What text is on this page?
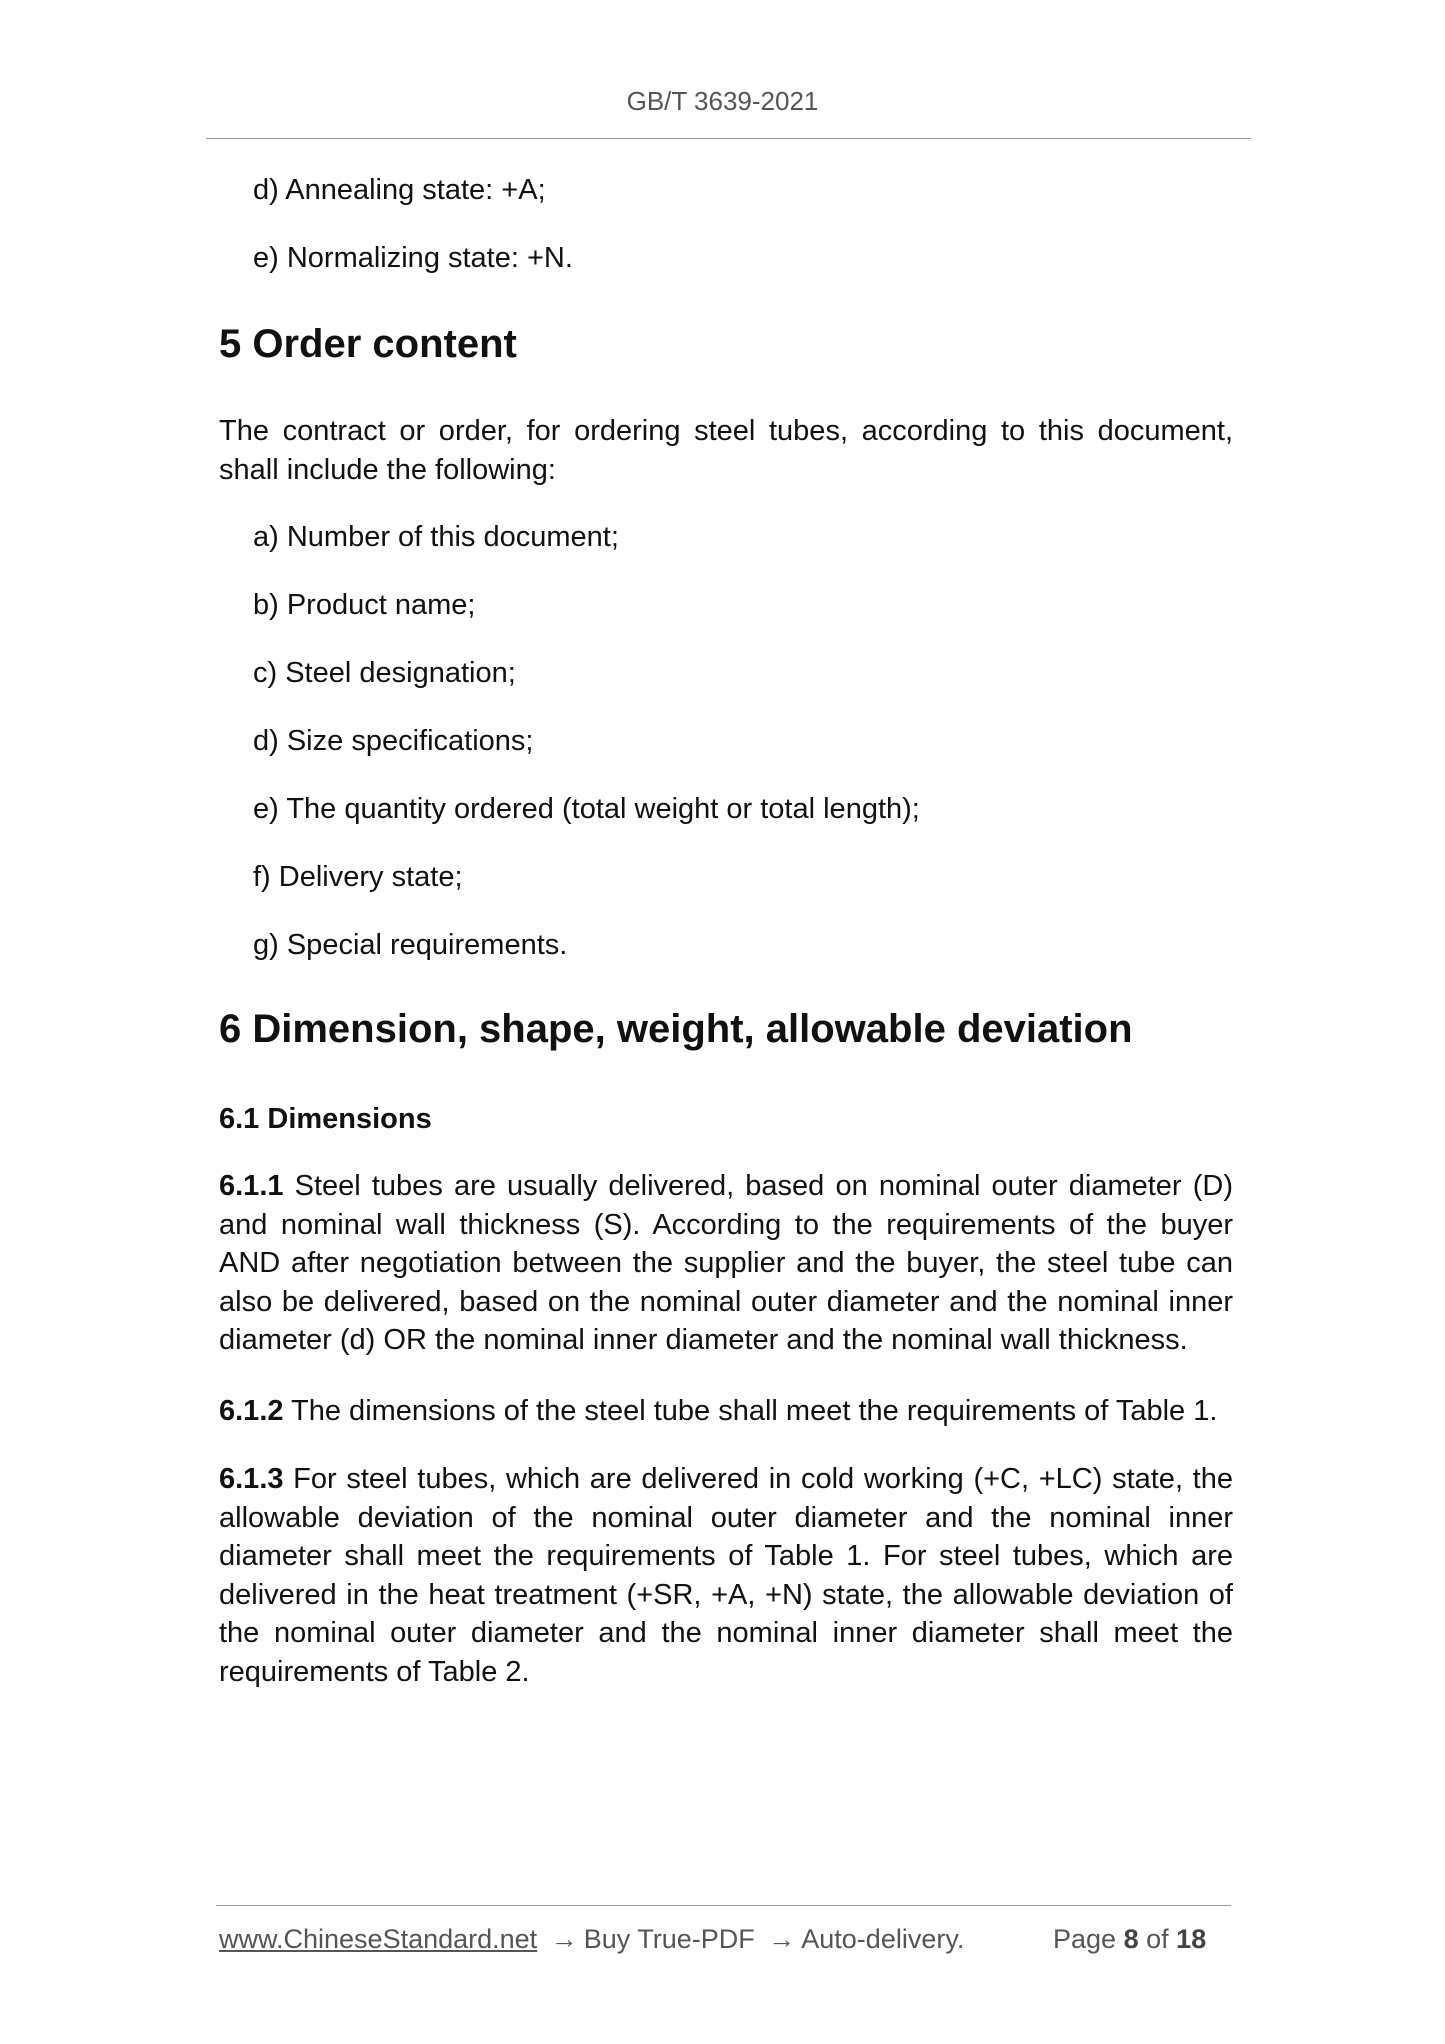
GB/T 3639-2021
d) Annealing state: +A;
e) Normalizing state: +N.
5 Order content
The contract or order, for ordering steel tubes, according to this document, shall include the following:
a) Number of this document;
b) Product name;
c) Steel designation;
d) Size specifications;
e) The quantity ordered (total weight or total length);
f) Delivery state;
g) Special requirements.
6 Dimension, shape, weight, allowable deviation
6.1 Dimensions
6.1.1 Steel tubes are usually delivered, based on nominal outer diameter (D) and nominal wall thickness (S). According to the requirements of the buyer AND after negotiation between the supplier and the buyer, the steel tube can also be delivered, based on the nominal outer diameter and the nominal inner diameter (d) OR the nominal inner diameter and the nominal wall thickness.
6.1.2 The dimensions of the steel tube shall meet the requirements of Table 1.
6.1.3 For steel tubes, which are delivered in cold working (+C, +LC) state, the allowable deviation of the nominal outer diameter and the nominal inner diameter shall meet the requirements of Table 1. For steel tubes, which are delivered in the heat treatment (+SR, +A, +N) state, the allowable deviation of the nominal outer diameter and the nominal inner diameter shall meet the requirements of Table 2.
www.ChineseStandard.net → Buy True-PDF → Auto-delivery.	Page 8 of 18
